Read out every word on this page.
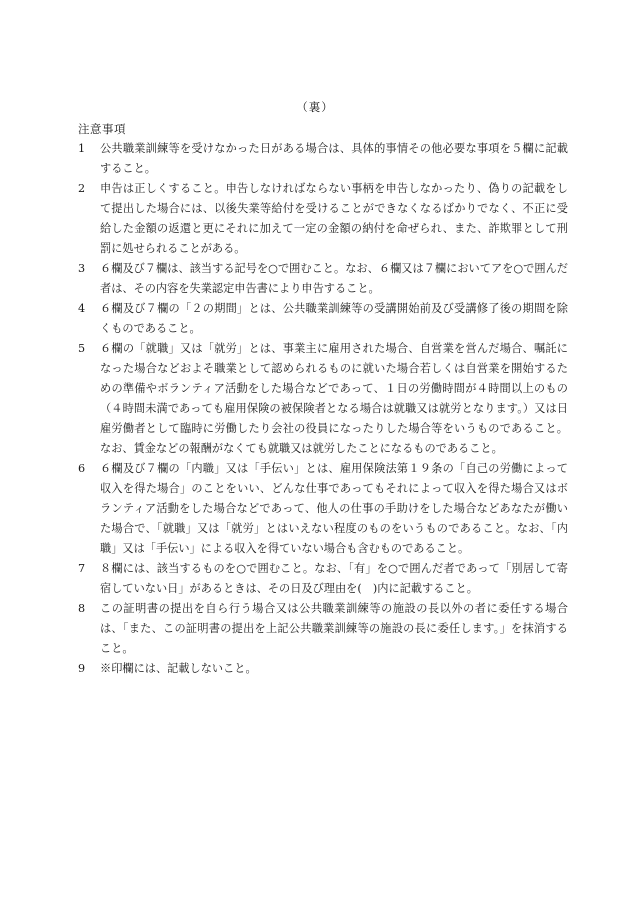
（裏）
注意事項
1	公共職業訓練等を受けなかった日がある場合は、具体的事情その他必要な事項を５欄に記載すること。
2	申告は正しくすること。申告しなければならない事柄を申告しなかったり、偽りの記載をして提出した場合には、以後失業等給付を受けることができなくなるばかりでなく、不正に受給した金額の返還と更にそれに加えて一定の金額の納付を命ぜられ、また、詐欺罪として刑罰に処せられることがある。
3	６欄及び７欄は、該当する記号を○で囲むこと。なお、６欄又は７欄においてアを○で囲んだ者は、その内容を失業認定申告書により申告すること。
4	６欄及び７欄の「２の期間」とは、公共職業訓練等の受講開始前及び受講修了後の期間を除くものであること。
5	６欄の「就職」又は「就労」とは、事業主に雇用された場合、自営業を営んだ場合、嘱託になった場合などおよそ職業として認められるものに就いた場合若しくは自営業を開始するための準備やボランティア活動をした場合などであって、１日の労働時間が４時間以上のもの（４時間未満であっても雇用保険の被保険者となる場合は就職又は就労となります。）又は日雇労働者として臨時に労働したり会社の役員になったりした場合等をいうものであること。なお、賃金などの報酬がなくても就職又は就労したことになるものであること。
6	６欄及び７欄の「内職」又は「手伝い」とは、雇用保険法第１９条の「自己の労働によって収入を得た場合」のことをいい、どんな仕事であってもそれによって収入を得た場合又はボランティア活動をした場合などであって、他人の仕事の手助けをした場合などあなたが働いた場合で、「就職」又は「就労」とはいえない程度のものをいうものであること。なお、「内職」又は「手伝い」による収入を得ていない場合も含むものであること。
7	８欄には、該当するものを○で囲むこと。なお、「有」を○で囲んだ者であって「別居して寄宿していない日」があるときは、その日及び理由を(　)内に記載すること。
8	この証明書の提出を自ら行う場合又は公共職業訓練等の施設の長以外の者に委任する場合は、「また、この証明書の提出を上記公共職業訓練等の施設の長に委任します。」を抹消すること。
9	※印欄には、記載しないこと。
